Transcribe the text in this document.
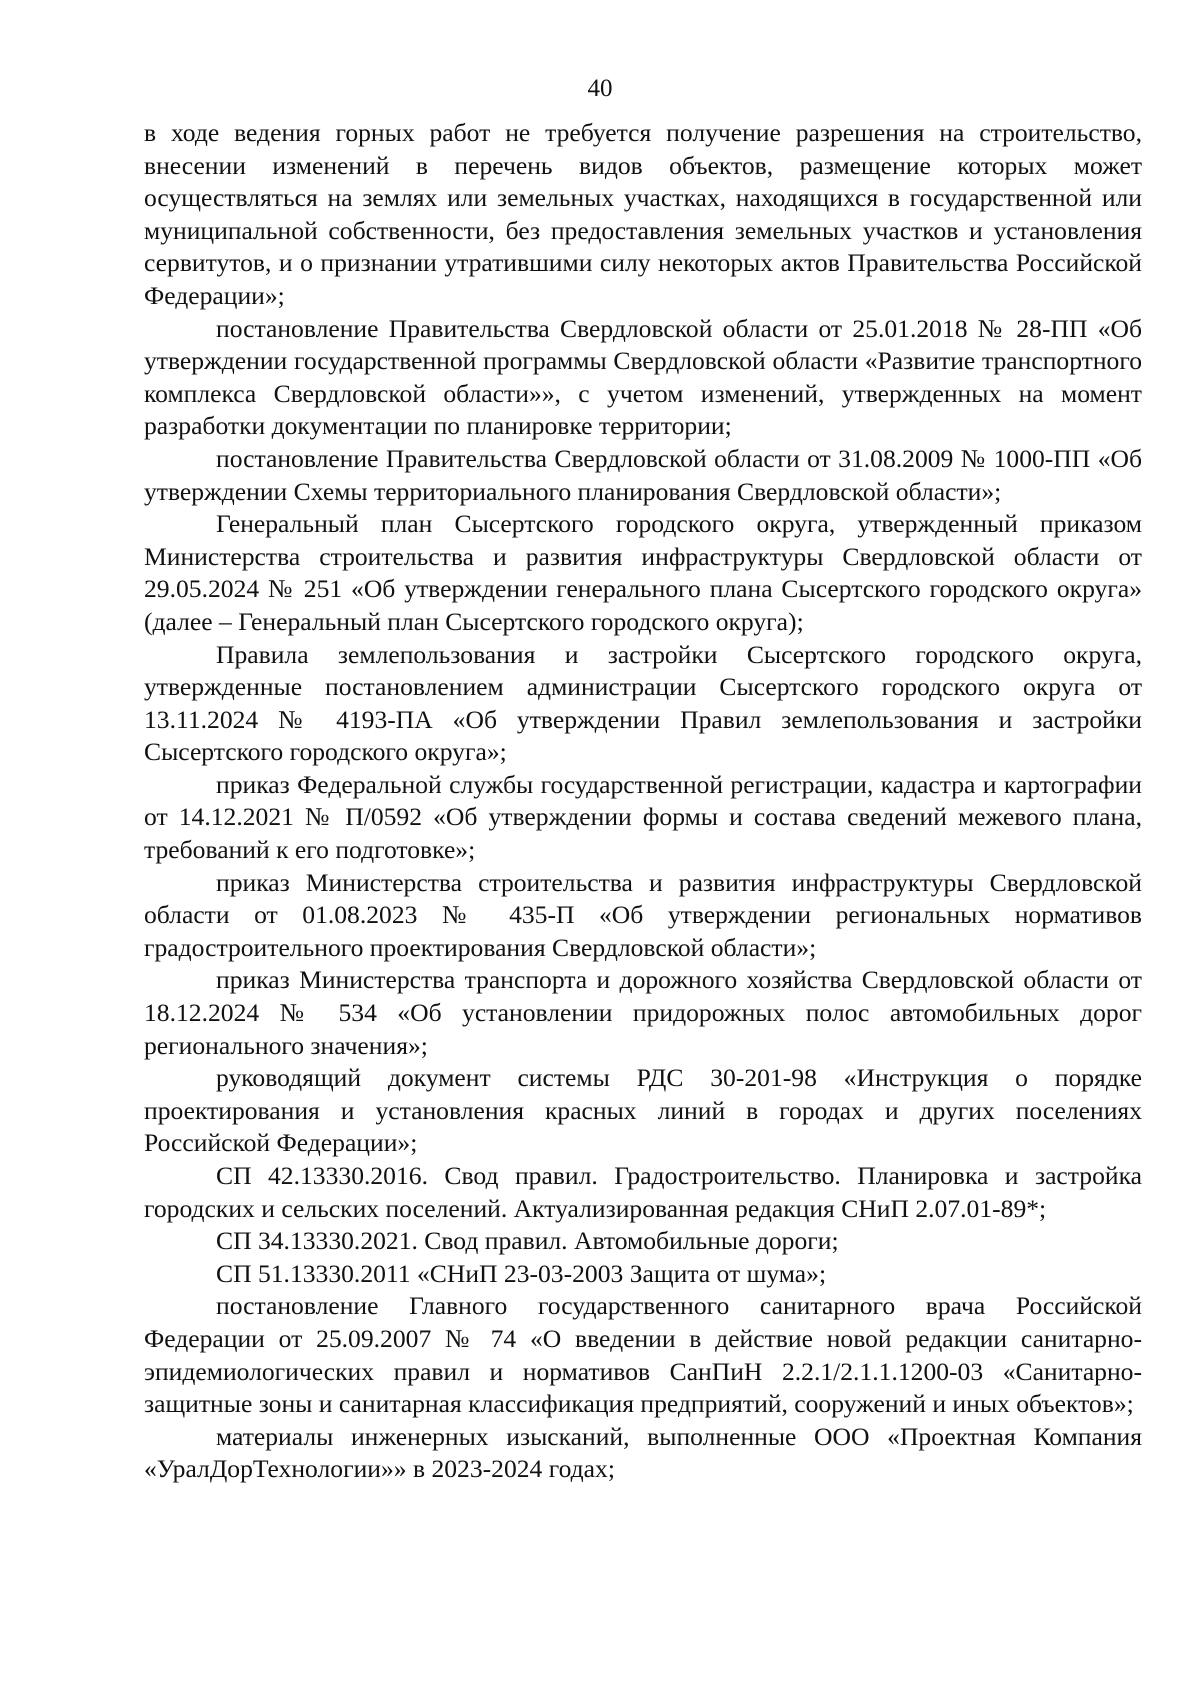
40

в ходе ведения горных работ не требуется получение разрешения на строительство, внесении изменений в перечень видов объектов, размещение которых может осуществляться на землях или земельных участках, находящихся в государственной или муниципальной собственности, без предоставления земельных участков и установления сервитутов, и о признании утратившими силу некоторых актов Правительства Российской Федерации»;

постановление Правительства Свердловской области от 25.01.2018 № 28-ПП «Об утверждении государственной программы Свердловской области «Развитие транспортного комплекса Свердловской области»», с учетом изменений, утвержденных на момент разработки документации по планировке территории;

постановление Правительства Свердловской области от 31.08.2009 № 1000-ПП «Об утверждении Схемы территориального планирования Свердловской области»;

Генеральный план Сысертского городского округа, утвержденный приказом Министерства строительства и развития инфраструктуры Свердловской области от 29.05.2024 № 251 «Об утверждении генерального плана Сысертского городского округа» (далее – Генеральный план Сысертского городского округа);

Правила землепользования и застройки Сысертского городского округа, утвержденные постановлением администрации Сысертского городского округа от 13.11.2024 № 4193-ПА «Об утверждении Правил землепользования и застройки Сысертского городского округа»;

приказ Федеральной службы государственной регистрации, кадастра и картографии от 14.12.2021 № П/0592 «Об утверждении формы и состава сведений межевого плана, требований к его подготовке»;

приказ Министерства строительства и развития инфраструктуры Свердловской области от 01.08.2023 № 435-П «Об утверждении региональных нормативов градостроительного проектирования Свердловской области»;

приказ Министерства транспорта и дорожного хозяйства Свердловской области от 18.12.2024 № 534 «Об установлении придорожных полос автомобильных дорог регионального значения»;

руководящий документ системы РДС 30-201-98 «Инструкция о порядке проектирования и установления красных линий в городах и других поселениях Российской Федерации»;

СП 42.13330.2016. Свод правил. Градостроительство. Планировка и застройка городских и сельских поселений. Актуализированная редакция СНиП 2.07.01-89*;

СП 34.13330.2021. Свод правил. Автомобильные дороги;

СП 51.13330.2011 «СНиП 23-03-2003 Защита от шума»;

постановление Главного государственного санитарного врача Российской Федерации от 25.09.2007 № 74 «О введении в действие новой редакции санитарно-эпидемиологических правил и нормативов СанПиН 2.2.1/2.1.1.1200-03 «Санитарно-защитные зоны и санитарная классификация предприятий, сооружений и иных объектов»;

материалы инженерных изысканий, выполненные ООО «Проектная Компания «УралДорТехнологии»» в 2023-2024 годах;
